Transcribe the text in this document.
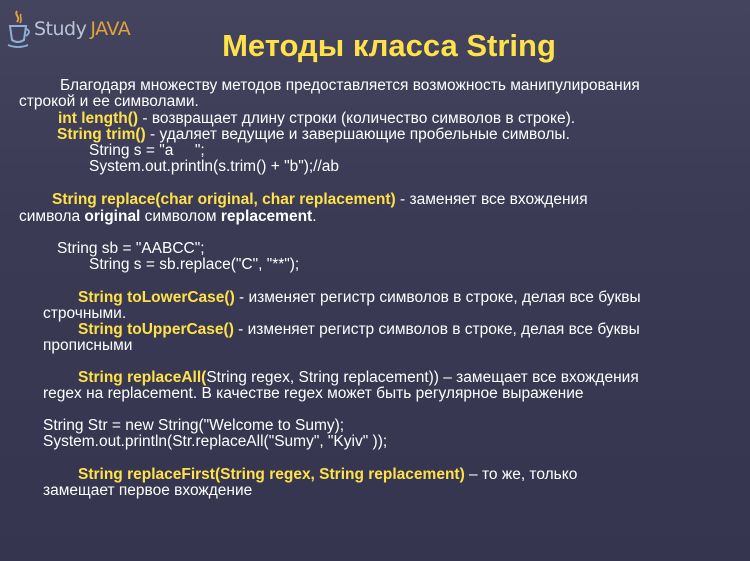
Study JAVA	Методы класса String
Благодаря множеству методов предоставляется возможность манипулирования
строкой и ее символами.
int length() - возвращает длину строки (количество символов в строке).
String trim() - удаляет ведущие и завершающие пробельные символы.
String s = "a     ";
System.out.println(s.trim() + "b");//ab
String replace(char original, char replacement) - заменяет все вхождения
символа original символом replacement.
String sb = "AABCC";
String s = sb.replace("C", "**");
String toLowerCase() - изменяет регистр символов в строке, делая все буквы
строчными.
String toUpperCase() - изменяет регистр символов в строке, делая все буквы
прописными
String replaceAll(String regex, String replacement)) – замещает все вхождения
regex на replacement. В качестве regex может быть регулярное выражение
String Str = new String("Welcome to Sumy);
System.out.println(Str.replaceAll("Sumy", "Kyiv" ));
String replaceFirst(String regex, String replacement) – то же, только
замещает первое вхождение
